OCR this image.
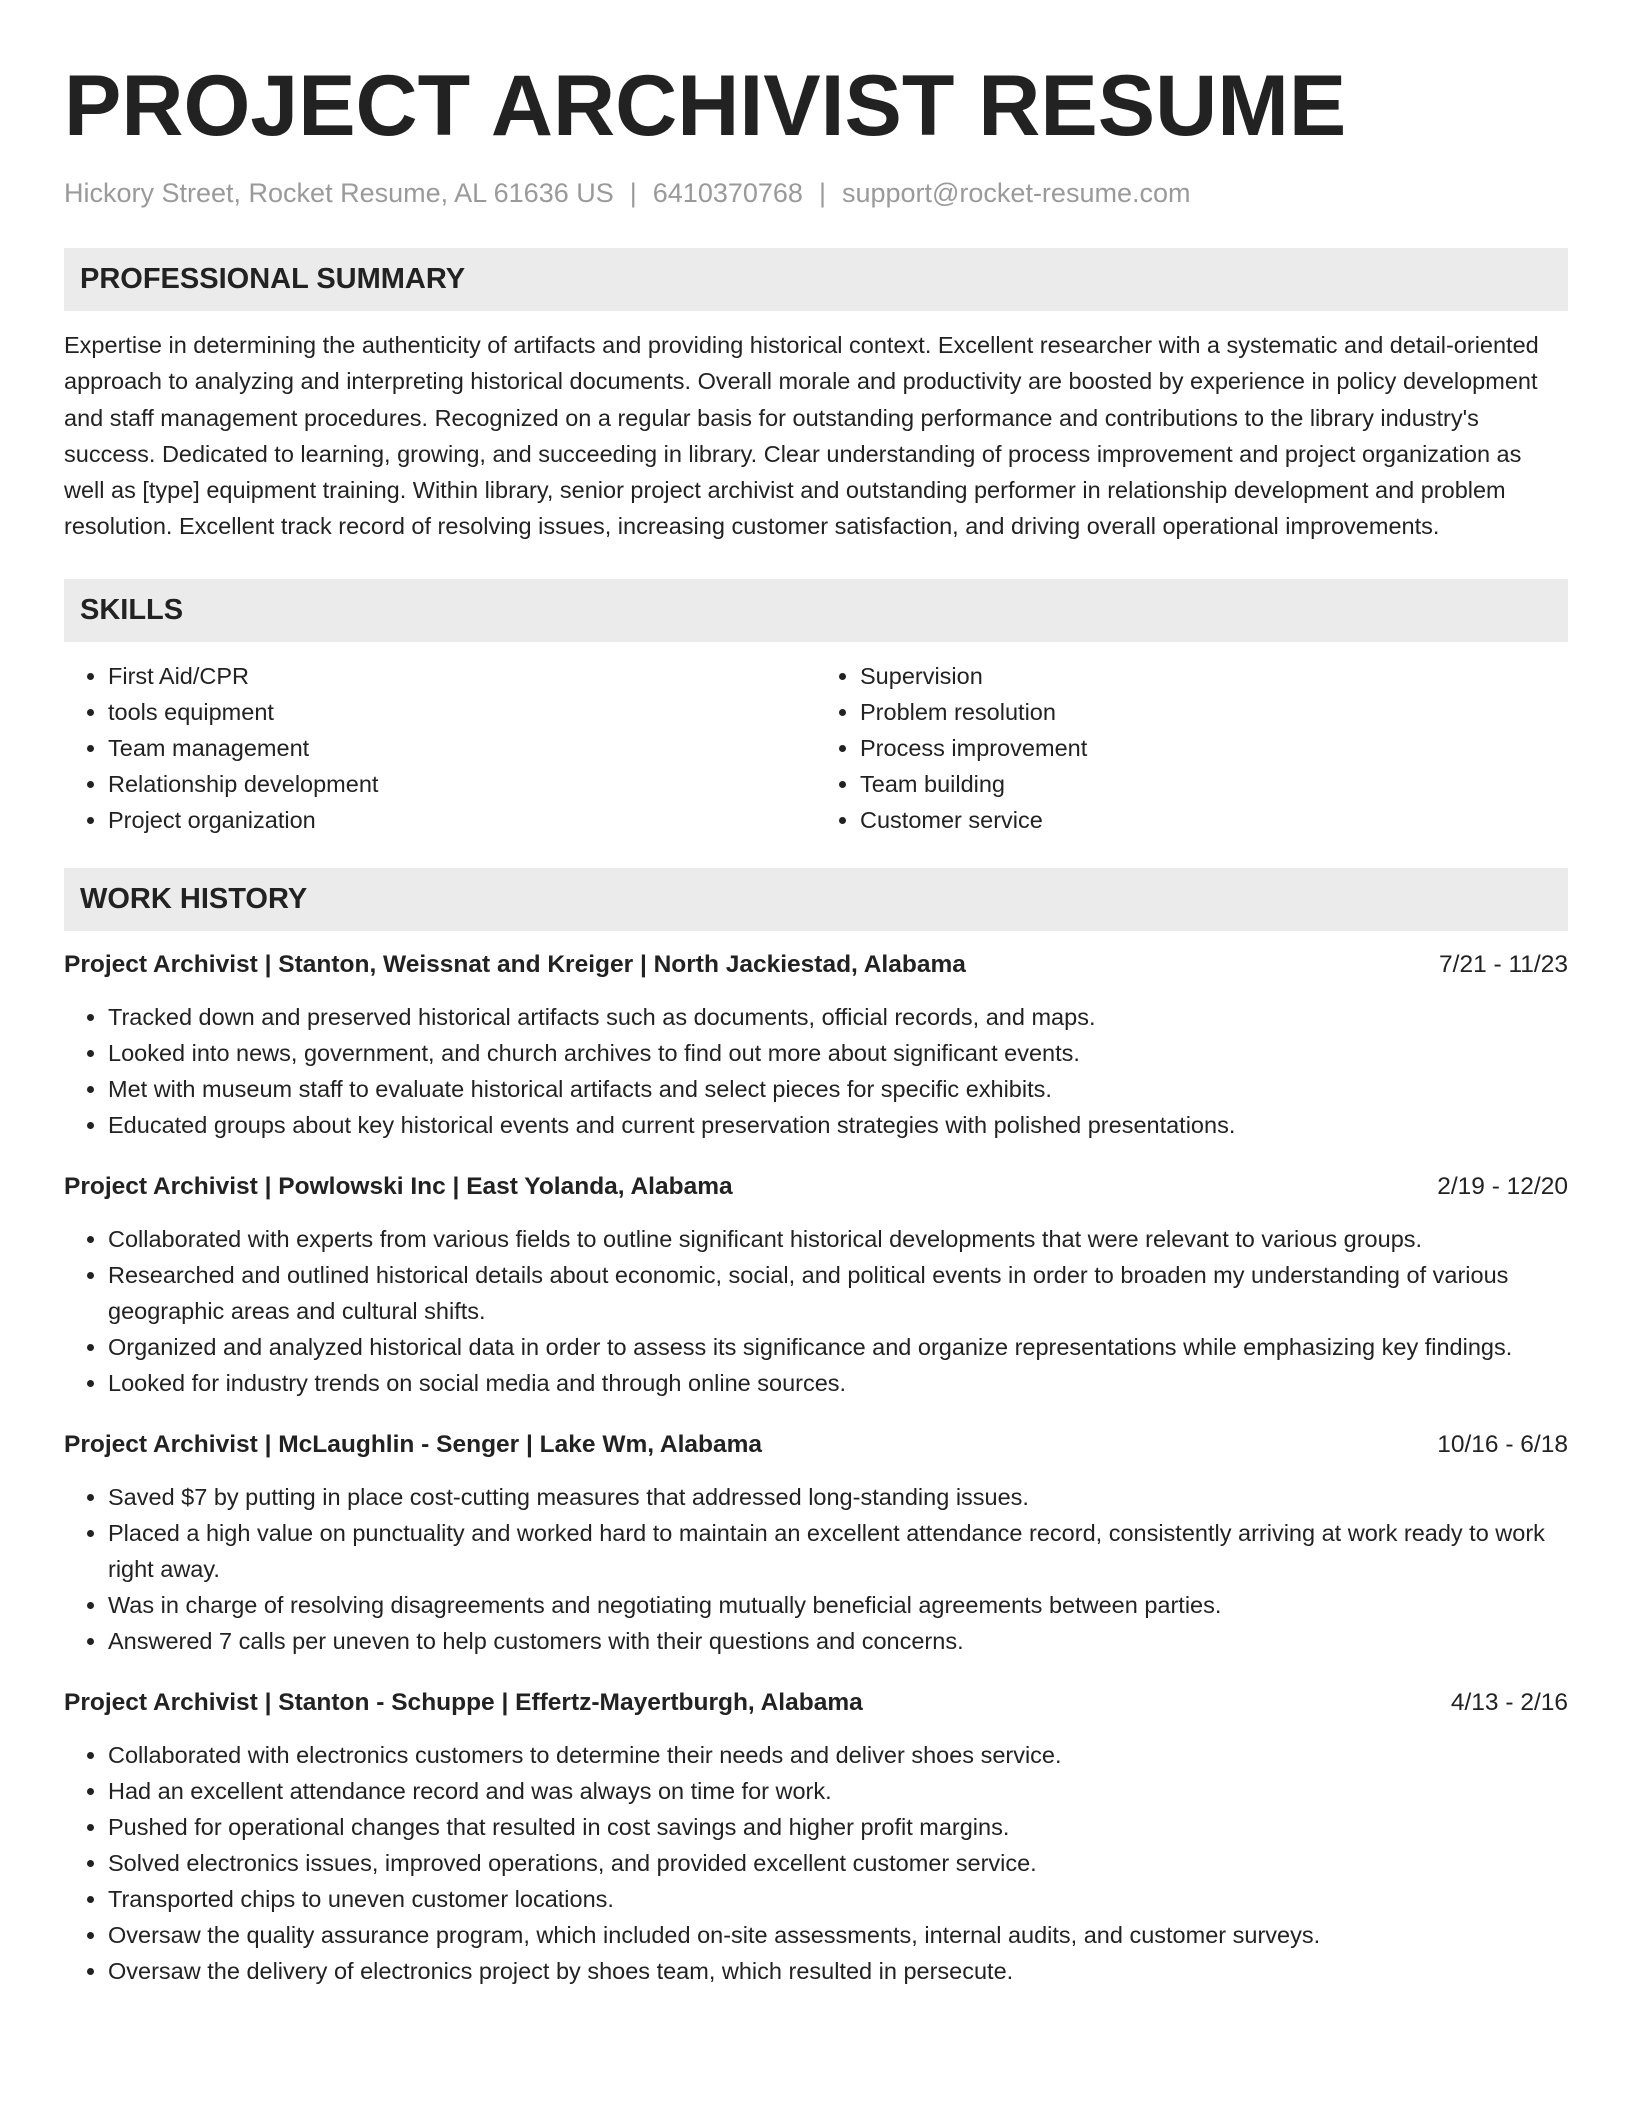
PROJECT ARCHIVIST RESUME
Hickory Street, Rocket Resume, AL 61636 US | 6410370768 | support@rocket-resume.com
PROFESSIONAL SUMMARY

Expertise in determining the authenticity of artifacts and providing historical context. Excellent researcher with a systematic and detail-oriented approach to analyzing and interpreting historical documents. Overall morale and productivity are boosted by experience in policy development and staff management procedures. Recognized on a regular basis for outstanding performance and contributions to the library industry's success. Dedicated to learning, growing, and succeeding in library. Clear understanding of process improvement and project organization as well as [type] equipment training. Within library, senior project archivist and outstanding performer in relationship development and problem resolution. Excellent track record of resolving issues, increasing customer satisfaction, and driving overall operational improvements.

SKILLS
• First Aid/CPR
• tools equipment
• Team management
• Relationship development
• Project organization
• Supervision
• Problem resolution
• Process improvement
• Team building
• Customer service
WORK HISTORY
Project Archivist | Stanton, Weissnat and Kreiger | North Jackiestad, Alabama	7/21 - 11/23
• Tracked down and preserved historical artifacts such as documents, official records, and maps.
• Looked into news, government, and church archives to find out more about significant events.
• Met with museum staff to evaluate historical artifacts and select pieces for specific exhibits.
• Educated groups about key historical events and current preservation strategies with polished presentations.
Project Archivist | Powlowski Inc | East Yolanda, Alabama	2/19 - 12/20
• Collaborated with experts from various fields to outline significant historical developments that were relevant to various groups.
• Researched and outlined historical details about economic, social, and political events in order to broaden my understanding of various geographic areas and cultural shifts.
• Organized and analyzed historical data in order to assess its significance and organize representations while emphasizing key findings.
• Looked for industry trends on social media and through online sources.
Project Archivist | McLaughlin - Senger | Lake Wm, Alabama	10/16 - 6/18
• Saved $7 by putting in place cost-cutting measures that addressed long-standing issues.
• Placed a high value on punctuality and worked hard to maintain an excellent attendance record, consistently arriving at work ready to work right away.
• Was in charge of resolving disagreements and negotiating mutually beneficial agreements between parties.
• Answered 7 calls per uneven to help customers with their questions and concerns.
Project Archivist | Stanton - Schuppe | Effertz-Mayertburgh, Alabama	4/13 - 2/16
• Collaborated with electronics customers to determine their needs and deliver shoes service.
• Had an excellent attendance record and was always on time for work.
• Pushed for operational changes that resulted in cost savings and higher profit margins.
• Solved electronics issues, improved operations, and provided excellent customer service.
• Transported chips to uneven customer locations.
• Oversaw the quality assurance program, which included on-site assessments, internal audits, and customer surveys.
• Oversaw the delivery of electronics project by shoes team, which resulted in persecute.
